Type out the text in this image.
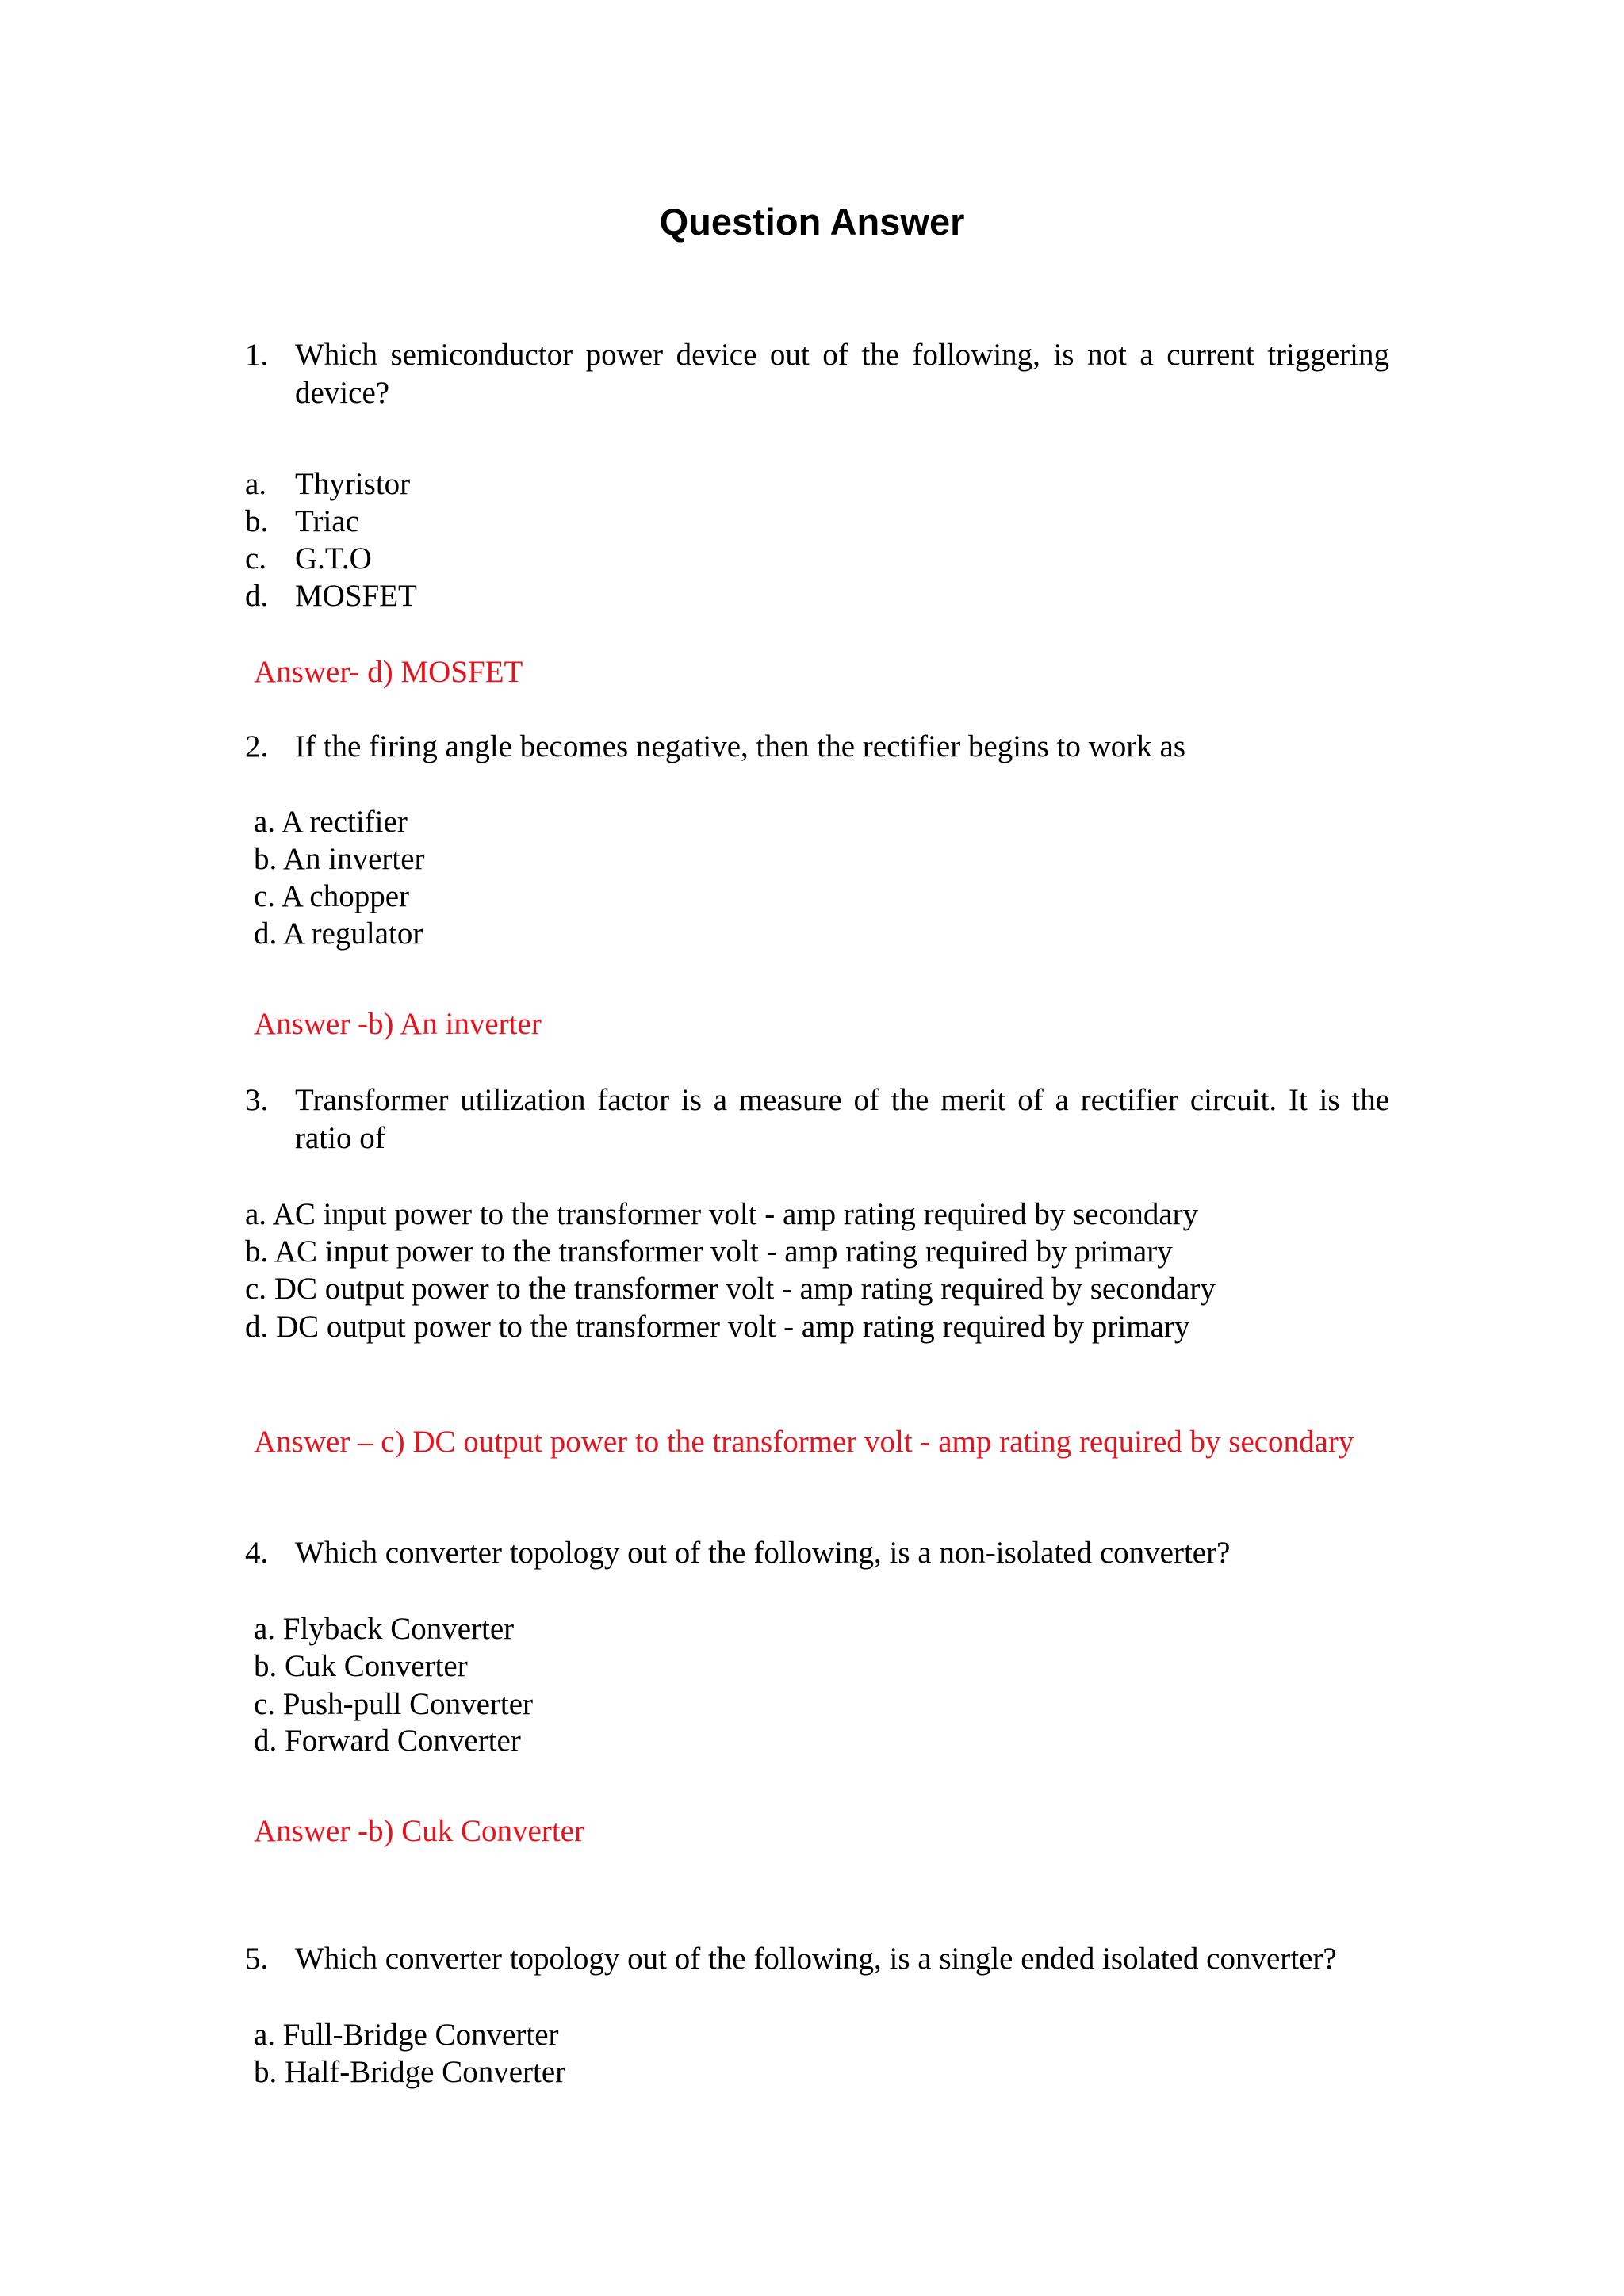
Question Answer
1. Which semiconductor power device out of the following, is not a current triggering device?
a. Thyristor
b. Triac
c. G.T.O
d. MOSFET
Answer- d) MOSFET
2. If the firing angle becomes negative, then the rectifier begins to work as
a. A rectifier
b. An inverter
c. A chopper
d. A regulator
Answer -b) An inverter
3. Transformer utilization factor is a measure of the merit of a rectifier circuit. It is the ratio of
a. AC input power to the transformer volt - amp rating required by secondary
b. AC input power to the transformer volt - amp rating required by primary
c. DC output power to the transformer volt - amp rating required by secondary
d. DC output power to the transformer volt - amp rating required by primary
Answer – c) DC output power to the transformer volt - amp rating required by secondary
4. Which converter topology out of the following, is a non-isolated converter?
a. Flyback Converter
b. Cuk Converter
c. Push-pull Converter
d. Forward Converter
Answer -b) Cuk Converter
5. Which converter topology out of the following, is a single ended isolated converter?
a. Full-Bridge Converter
b. Half-Bridge Converter
